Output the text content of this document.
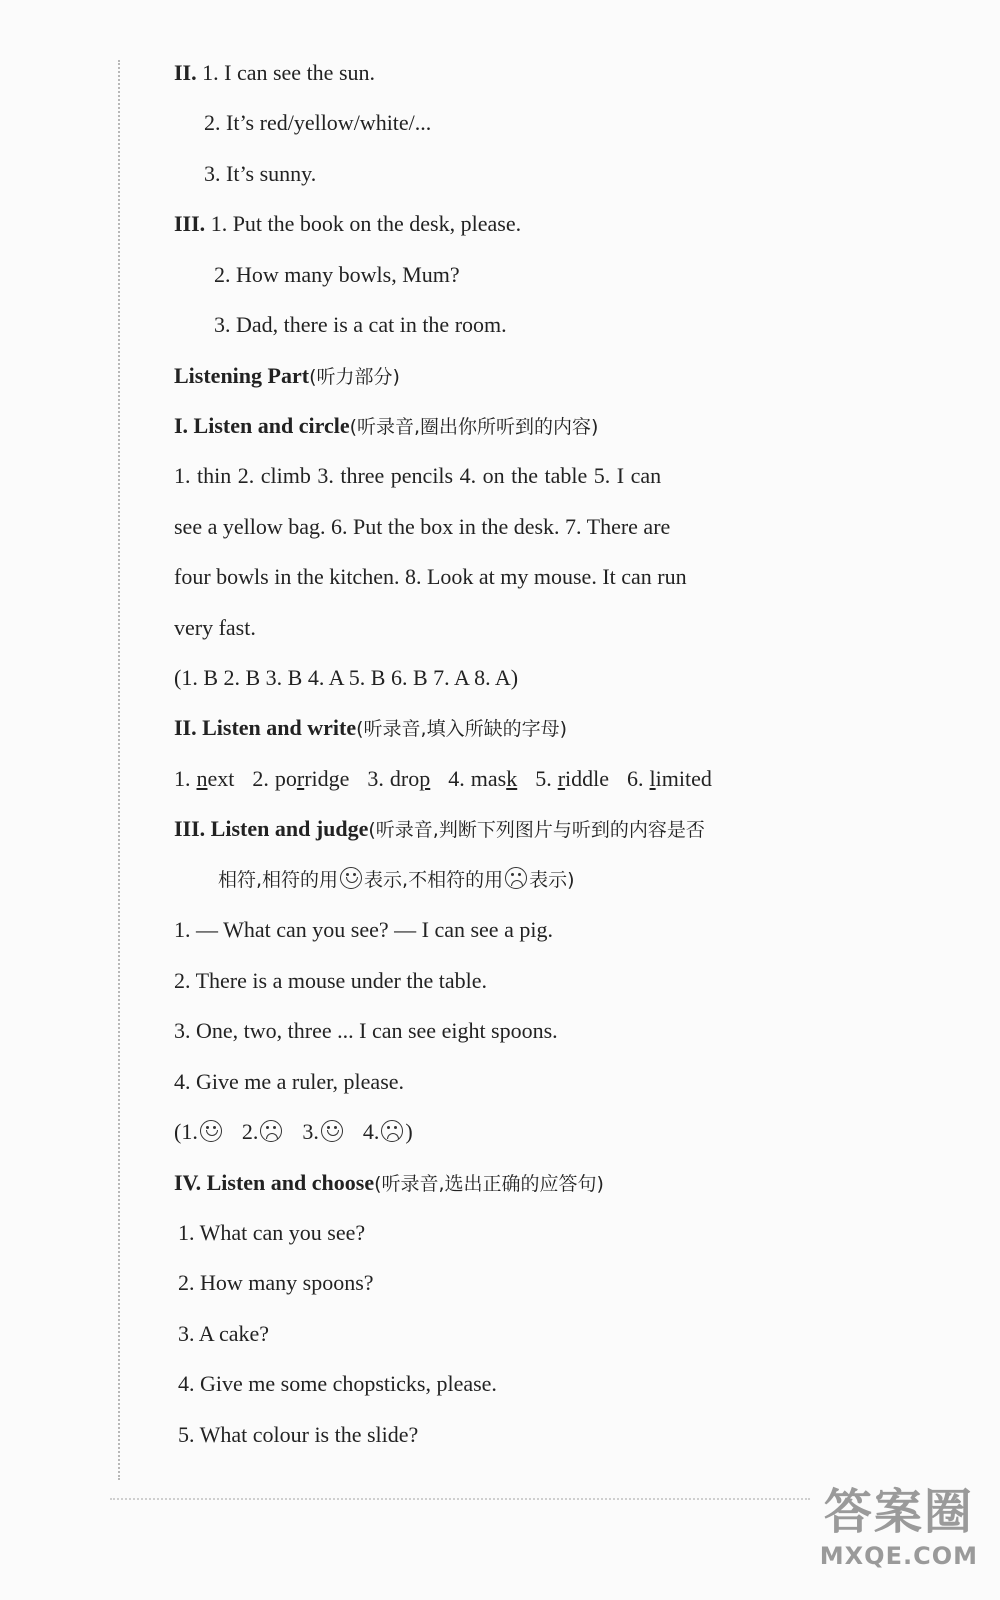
II. 1. I can see the sun.
2. It’s red/yellow/white/...
3. It’s sunny.
III. 1. Put the book on the desk, please.
2. How many bowls, Mum?
3. Dad, there is a cat in the room.
Listening Part(听力部分)
I. Listen and circle(听录音,圈出你所听到的内容)
1. thin 2. climb 3. three pencils 4. on the table 5. I can
see a yellow bag. 6. Put the box in the desk. 7. There are
four bowls in the kitchen. 8. Look at my mouse. It can run
very fast.
(1. B 2. B 3. B 4. A 5. B 6. B 7. A 8. A)
II. Listen and write(听录音,填入所缺的字母)
1. next 2. porridge 3. drop 4. mask 5. riddle 6. limited
III. Listen and judge(听录音,判断下列图片与听到的内容是否
相符,相符的用 表示,不相符的用 表示)
1. — What can you see? — I can see a pig.
2. There is a mouse under the table.
3. One, two, three ... I can see eight spoons.
4. Give me a ruler, please.
(1. 2. 3. 4. )
IV. Listen and choose(听录音,选出正确的应答句)
1. What can you see?
2. How many spoons?
3. A cake?
4. Give me some chopsticks, please.
5. What colour is the slide?
答案圈
MXQE.COM
